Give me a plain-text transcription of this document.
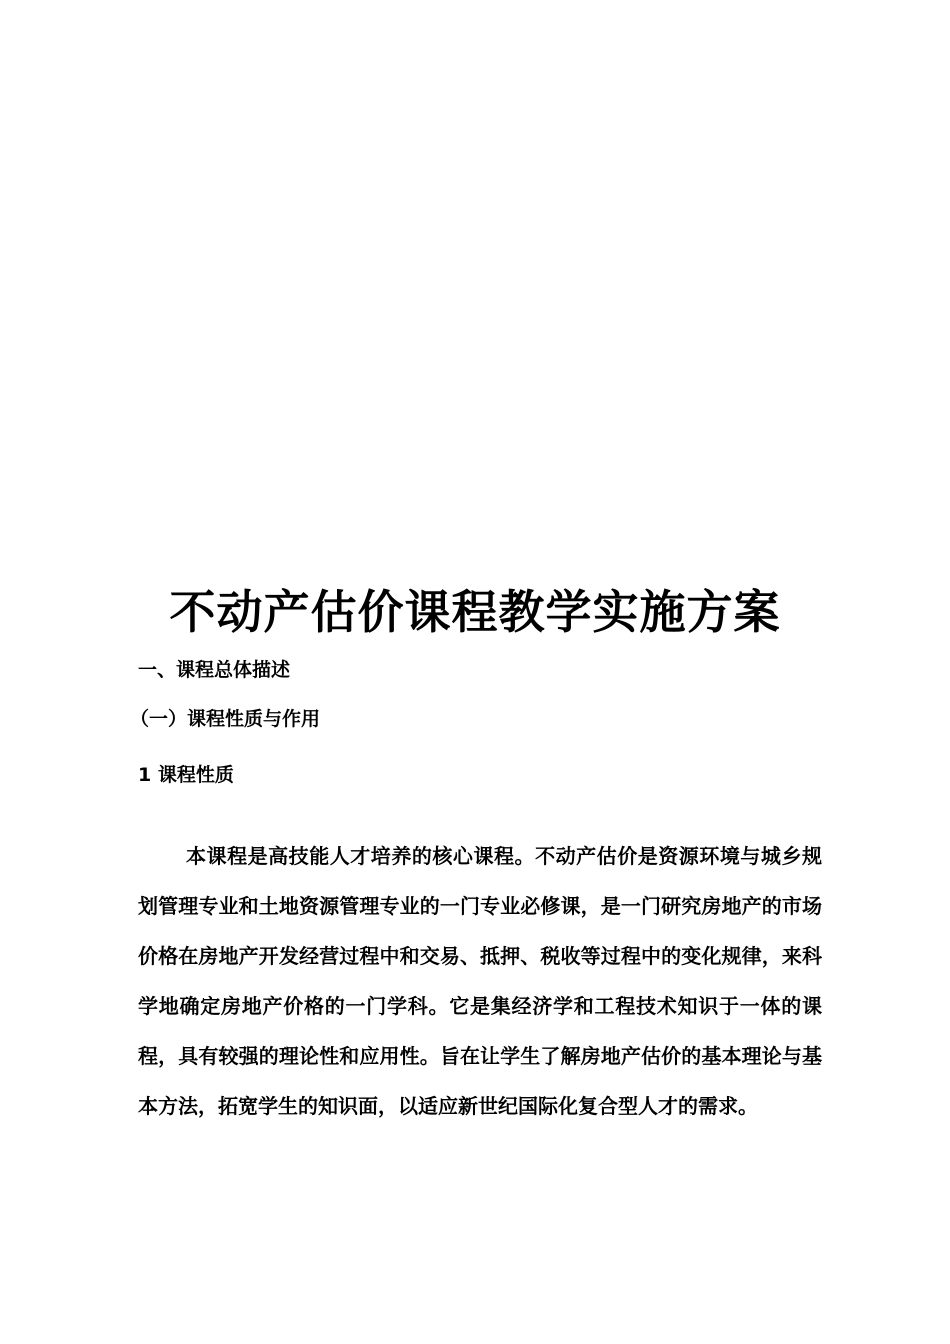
不动产估价课程教学实施方案
一、课程总体描述
（一）课程性质与作用
1 课程性质

本课程是高技能人才培养的核心课程。不动产估价是资源环境与城乡规划管理专业和土地资源管理专业的一门专业必修课，是一门研究房地产的市场价格在房地产开发经营过程中和交易、抵押、税收等过程中的变化规律，来科学地确定房地产价格的一门学科。它是集经济学和工程技术知识于一体的课程，具有较强的理论性和应用性。旨在让学生了解房地产估价的基本理论与基本方法，拓宽学生的知识面，以适应新世纪国际化复合型人才的需求。
